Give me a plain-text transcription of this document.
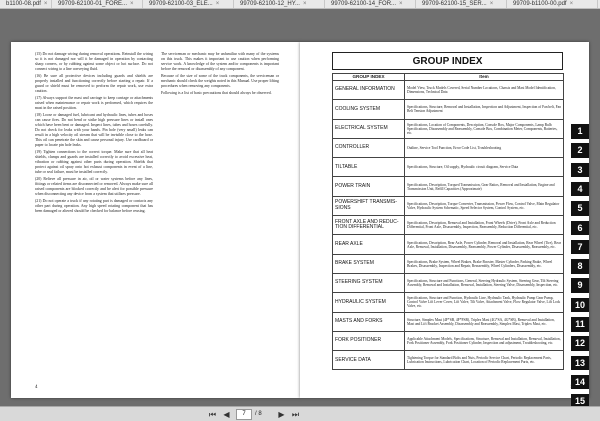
b1100-08.pdf ×	99709-62100-01_FORE... ×	99709-62100-03_ELE... ×	99709-62100-12_HY... ×	99709-62100-14_FOR... ×	99709-62100-15_SER... ×	99709-b1100-00.pdf ×

(15) Do not damage wiring during removal operations. Reinstall the wiring so it is not damaged nor will it be damaged in operation by contacting sharp corners, or by rubbing against some object or hot surface. Do not connect wiring to a line conveying fluid.

(16) Be sure all protective devices including guards and shields are properly installed and functioning correctly before starting a repair. If a guard or shield must be removed to perform the repair work, use extra caution.

(17) Always support the mast and carriage to keep carriage or attachments raised when maintenance or repair work is performed, which requires the mast in the raised position.

(18) Loose or damaged fuel, lubricant and hydraulic lines, tubes and hoses can cause fires. Do not bend or strike high pressure lines or install ones which have been bent or damaged. Inspect lines, tubes and hoses carefully. Do not check for leaks with your hands. Pin hole (very small) leaks can result in a high velocity oil stream that will be invisible close to the hose. This oil can penetrate the skin and cause personal injury. Use cardboard or paper to locate pin hole leaks.

(19) Tighten connections to the correct torque. Make sure that all heat shields, clamps and guards are installed correctly to avoid excessive heat, vibration or rubbing against other parts during operation. Shields that protect against oil spray onto hot exhaust components in event of a line, tube or seal failure, must be installed correctly.

(20) Relieve all pressure in air, oil or water systems before any lines, fittings or related items are disconnected or removed. Always make sure all raised components are blocked correctly and be alert for possible pressure when disconnecting any device from a system that utilizes pressure.

(21) Do not operate a truck if any rotating part is damaged or contacts any other part during operation. Any high speed rotating component that has been damaged or altered should be checked for balance before reusing.

The serviceman or mechanic may be unfamiliar with many of the systems on this truck. This makes it important to use caution when performing service work. A knowledge of the system and/or components is important before the removal or disassembly of any component.

Because of the size of some of the truck components, the serviceman or mechanic should check the weights noted in this Manual. Use proper lifting procedures when removing any components.

Following is a list of basic precautions that should always be observed.

4
GROUP INDEX
GROUP INDEX	Item
GENERAL INFORMATION	Model View, Truck Models Covered, Serial Number Locations, Chassis and Mast Model Identification, Dimensions, Technical Data
COOLING SYSTEM	Specifications, Structure, Removal and Installation, Inspection and Adjustment, Inspection of Fan belt, Fan Belt Tension Adjustment
ELECTRICAL SYSTEM	Specifications, Location of Components, Description, Console Box, Major Components, Lamp Bulb Specifications, Disassembly and Reassembly, Console Box, Combination Meter, Components, Batteries, etc.
CONTROLLER	Outline, Service Tool Function, Error Code List, Troubleshooting
TILTABLE	Specifications, Structure, Oil supply, Hydraulic circuit diagram, Service Data
POWER TRAIN	Specifications, Description, Torqued Transmission, Gear Ratios, Removal and Installation, Engine and Transmission Unit, Refill Capacities (Approximate)
POWERSHIFT TRANSMIS-SIONS	Specifications, Description, Torque Converter, Transmission, Power Flow, Control Valve, Main Regulator Valve, Hydraulic System Schematic, Speed Selector System, Control System, etc.
FRONT AXLE AND REDUC-TION DIFFERENTIAL	Specifications, Description, Removal and Installation, Front Wheels (Drive), Front Axle and Reduction Differential, Front Axle, Disassembly, Inspection, Reassembly, Reduction Differential, etc.
REAR AXLE	Specifications, Description, Rear Axle, Power Cylinder, Removal and Installation, Rear Wheel (Tire), Rear Axle, Removal, Installation, Disassembly, Reassembly, Power Cylinder, Disassembly, Reassembly, etc.
BRAKE SYSTEM	Specifications, Brake System, Wheel Brakes, Brake Booster, Master Cylinder, Parking Brake, Wheel Brakes, Disassembly, Inspection and Repair, Reassembly, Wheel Cylinders, Disassembly, etc.
STEERING SYSTEM	Specifications, Structure and Functions, General, Steering Hydraulic System, Steering Gear, Tilt Steering Assembly, Removal and Installation, Removal, Installation, Steering Valve, Disassembly, Inspection, etc.
HYDRAULIC SYSTEM	Specifications, Structure and Function, Hydraulic Line, Hydraulic Tank, Hydraulic Pump Gear Pump, Control Valve Lift Lever Cover, Lift Valve, Tilt Valve, Attachment Valve, Flow Regulator Valve, Lift Lock Valve, etc.
MASTS AND FORKS	Structure, Simplex Mast (4F*SB, 4F*FSB), Triplex Mast (4G*SA, 4G*SB), Removal and Installation, Mast and Lift Bracket Assembly, Disassembly and Reassembly, Simplex Mast, Triplex Mast, etc.
FORK POSITIONER	Applicable Attachment Models, Specifications, Structure, Removal and Installation, Removal, Installation, Fork Positioner Assembly, Fork Positioner Cylinder, Inspection and adjustment, Troubleshooting, etc.
SERVICE DATA	Tightening Torque for Standard Bolts and Nuts, Periodic Service Chart, Periodic Replacement Parts, Lubrication Instructions, Lubrication Chart, Location of Periodic Replacement Parts, etc.
1
2
3
4
5
6
7
8
9
10
11
12
13
14
15
5
⏮ ◀	7	/ 8	▶ ⏭
